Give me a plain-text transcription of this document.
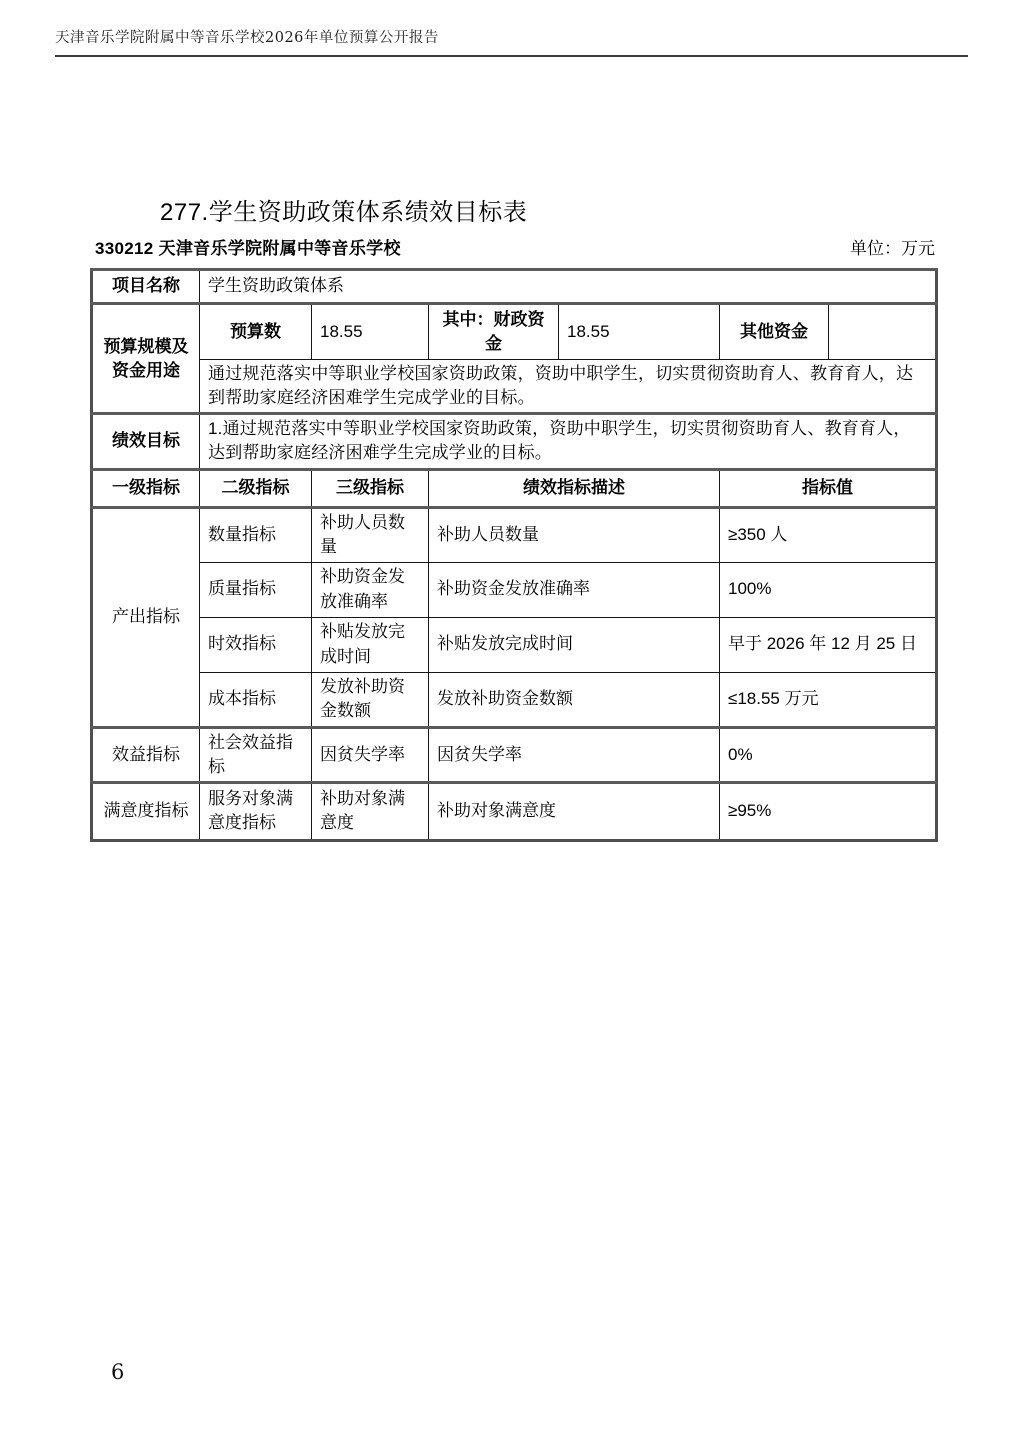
天津音乐学院附属中等音乐学校2026年单位预算公开报告
277.学生资助政策体系绩效目标表
330212 天津音乐学院附属中等音乐学校	单位：万元
项目名称	学生资助政策体系					
预算规模及资金用途	预算数	18.55	其中：财政资金	18.55	其他资金	
	通过规范落实中等职业学校国家资助政策，资助中职学生，切实贯彻资助育人、教育育人，达到帮助家庭经济困难学生完成学业的目标。					
绩效目标	1.通过规范落实中等职业学校国家资助政策，资助中职学生，切实贯彻资助育人、教育育人，达到帮助家庭经济困难学生完成学业的目标。					
一级指标	二级指标	三级指标	绩效指标描述		指标值	
产出指标	数量指标	补助人员数量	补助人员数量		≥350 人	
	质量指标	补助资金发放准确率	补助资金发放准确率		100%	
	时效指标	补贴发放完成时间	补贴发放完成时间		早于 2026 年 12 月 25 日	
	成本指标	发放补助资金数额	发放补助资金数额		≤18.55 万元	
效益指标	社会效益指标	因贫失学率	因贫失学率		0%	
满意度指标	服务对象满意度指标	补助对象满意度	补助对象满意度		≥95%	
6
